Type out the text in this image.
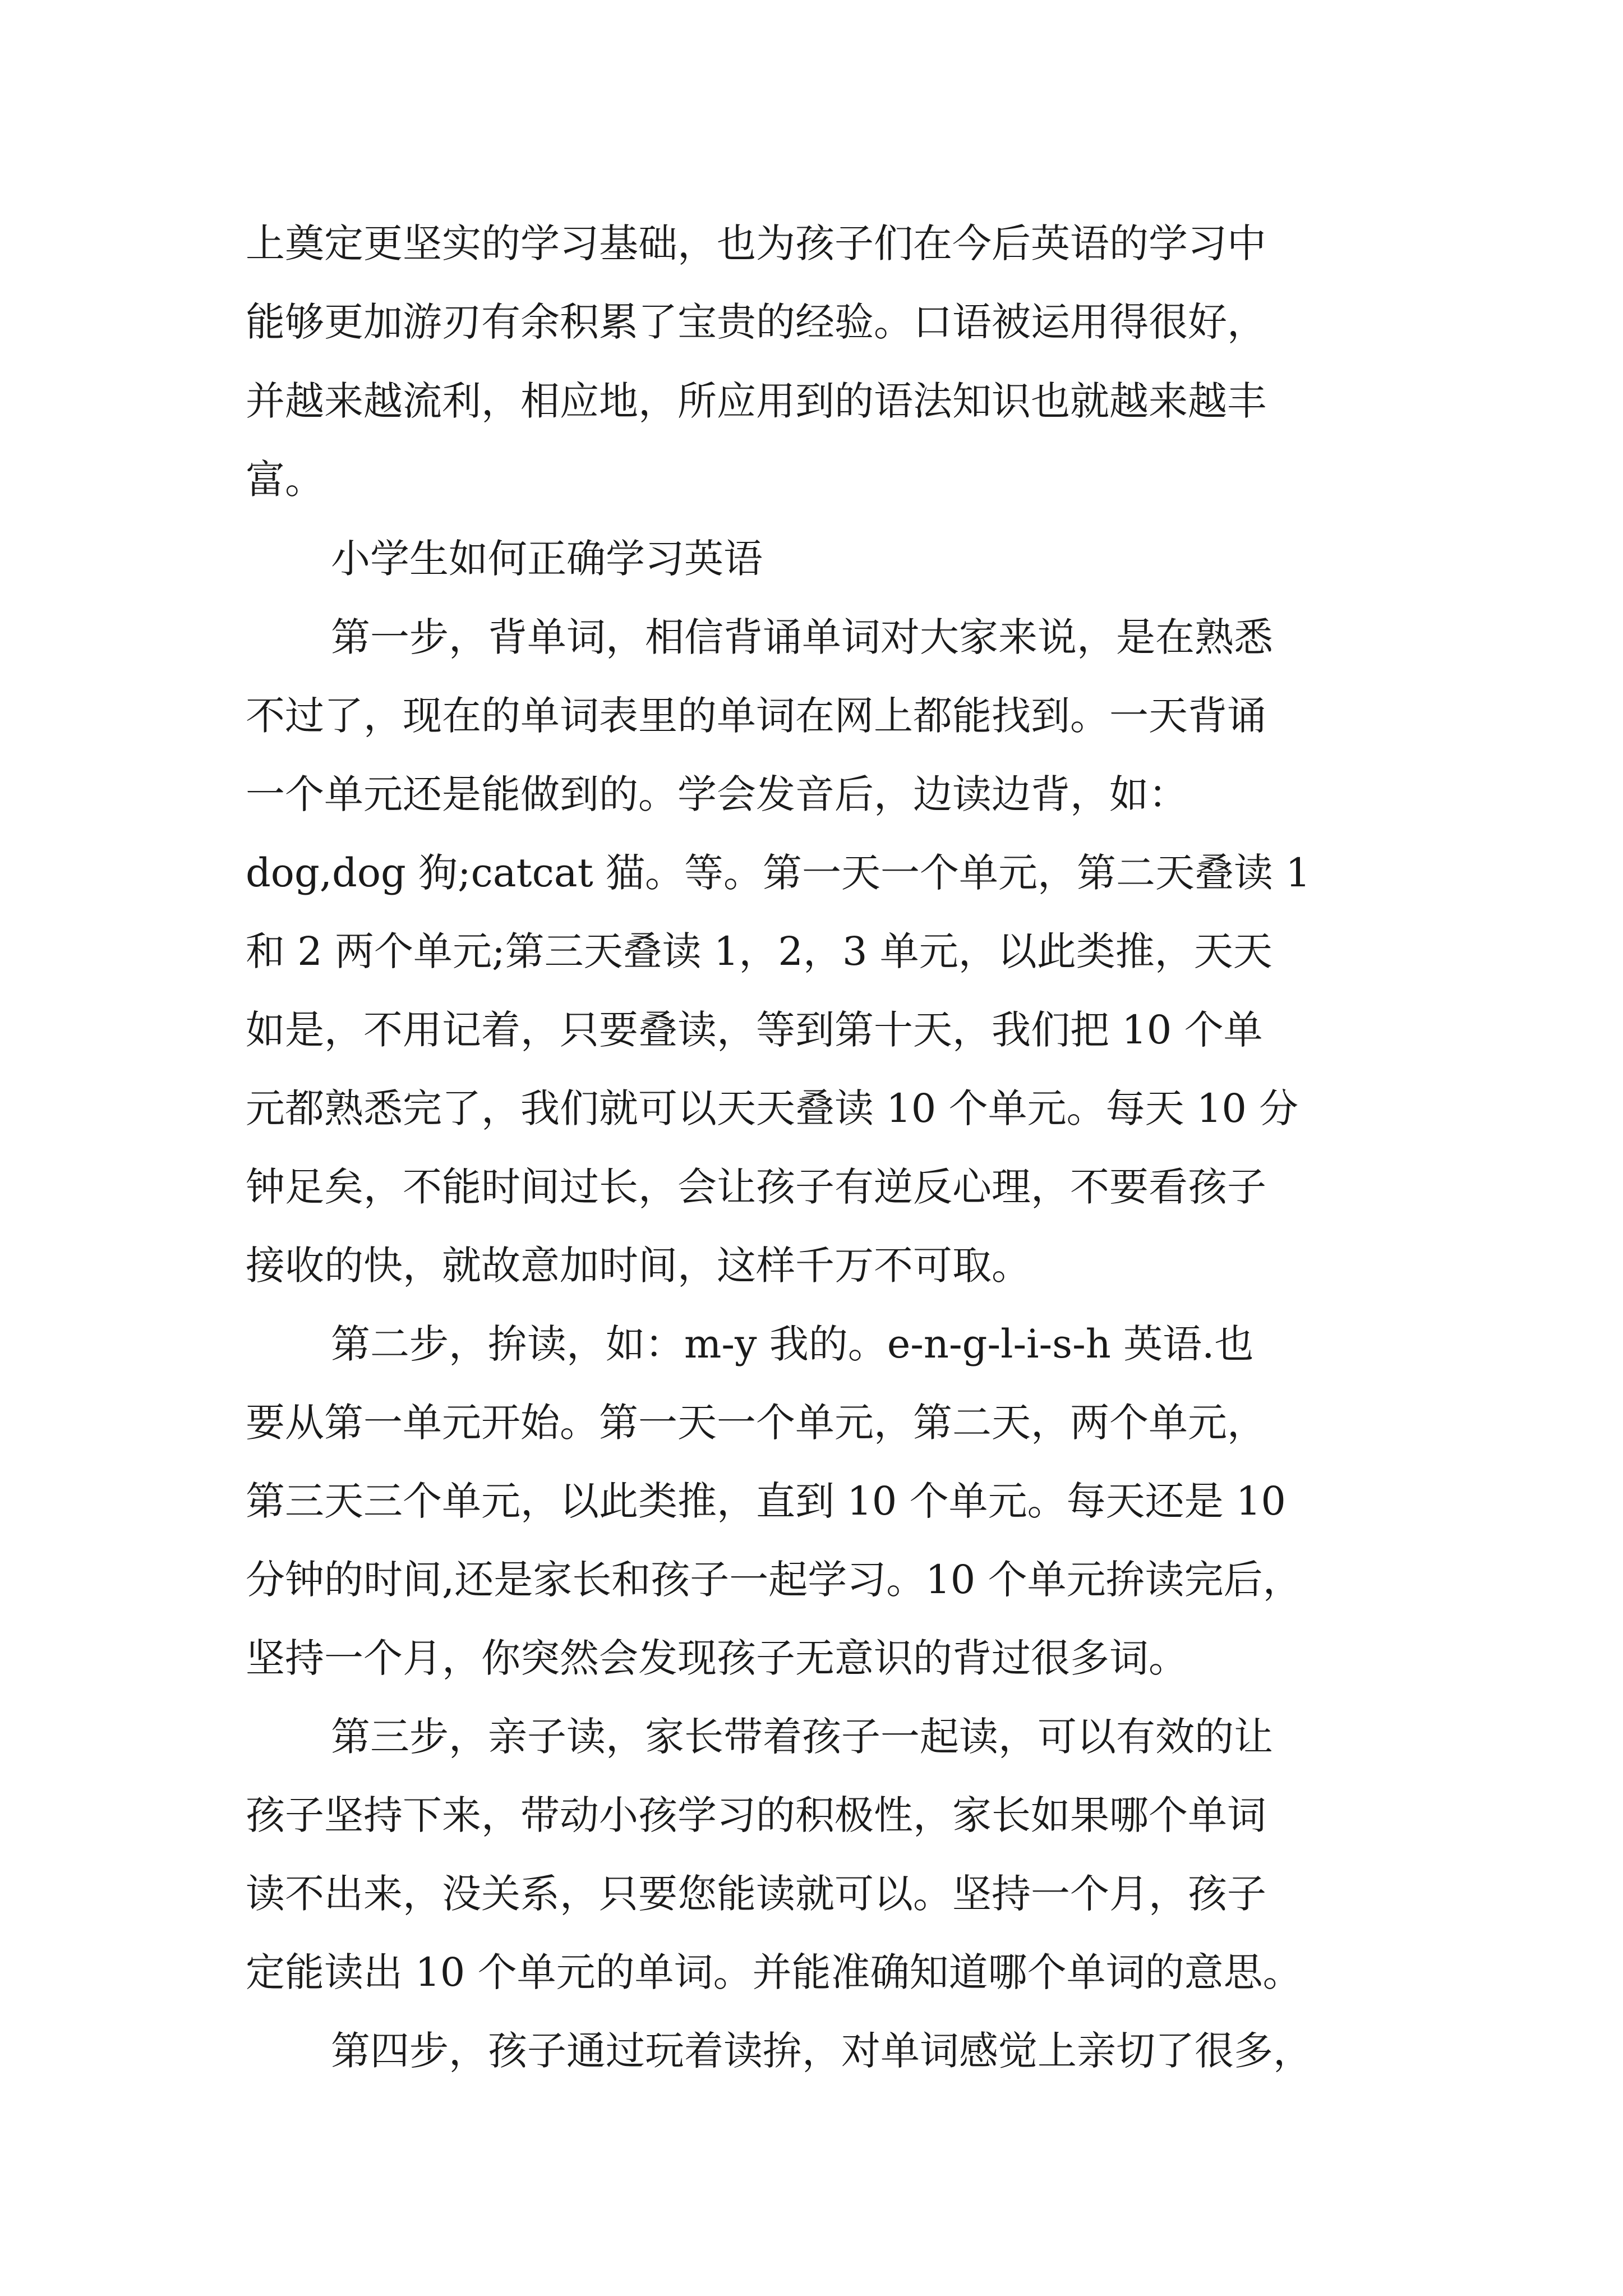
上奠定更坚实的学习基础，也为孩子们在今后英语的学习中
能够更加游刃有余积累了宝贵的经验。口语被运用得很好，
并越来越流利，相应地，所应用到的语法知识也就越来越丰
富。
小学生如何正确学习英语
第一步，背单词，相信背诵单词对大家来说，是在熟悉
不过了，现在的单词表里的单词在网上都能找到。一天背诵
一个单元还是能做到的。学会发音后，边读边背，如：
dog,dog 狗;catcat 猫。等。第一天一个单元，第二天叠读 1
和 2 两个单元;第三天叠读 1，2，3 单元，以此类推，天天
如是，不用记着，只要叠读，等到第十天，我们把 10 个单
元都熟悉完了，我们就可以天天叠读 10 个单元。每天 10 分
钟足矣，不能时间过长，会让孩子有逆反心理，不要看孩子
接收的快，就故意加时间，这样千万不可取。
第二步，拚读，如：m-y 我的。e-n-g-l-i-s-h 英语.也
要从第一单元开始。第一天一个单元，第二天，两个单元，
第三天三个单元，以此类推，直到 10 个单元。每天还是 10
分钟的时间,还是家长和孩子一起学习。10 个单元拚读完后，
坚持一个月，你突然会发现孩子无意识的背过很多词。
第三步，亲子读，家长带着孩子一起读，可以有效的让
孩子坚持下来，带动小孩学习的积极性，家长如果哪个单词
读不出来，没关系，只要您能读就可以。坚持一个月，孩子
定能读出 10 个单元的单词。并能准确知道哪个单词的意思。
第四步，孩子通过玩着读拚，对单词感觉上亲切了很多，
